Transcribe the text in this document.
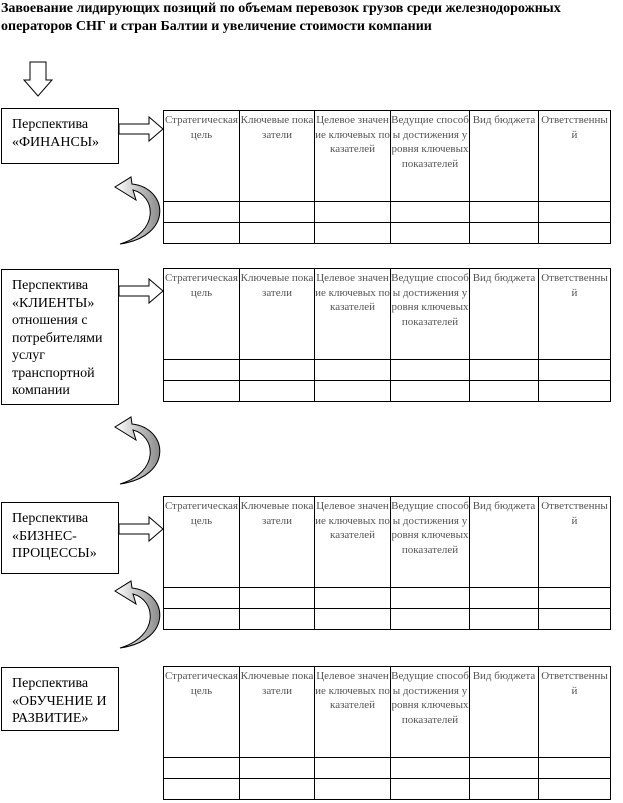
Завоевание лидирующих позиций по объемам перевозок грузов среди железнодорожных операторов СНГ и стран Балтии и увеличение стоимости компании
Перспектива «ФИНАНСЫ»
Перспектива «КЛИЕНТЫ» отношения с потребителями услуг транспортной компании
Перспектива «БИЗНЕС-ПРОЦЕССЫ»
Перспектива «ОБУЧЕНИЕ И РАЗВИТИЕ»
Стратегическая цель	Ключевые показатели	Целевое значение ключевых показателей	Ведущие способы достижения уровня ключевых показателей	Вид бюджета	Ответственный

Стратегическая цель	Ключевые показатели	Целевое значение ключевых показателей	Ведущие способы достижения уровня ключевых показателей	Вид бюджета	Ответственный

Стратегическая цель	Ключевые показатели	Целевое значение ключевых показателей	Ведущие способы достижения уровня ключевых показателей	Вид бюджета	Ответственный

Стратегическая цель	Ключевые показатели	Целевое значение ключевых показателей	Ведущие способы достижения уровня ключевых показателей	Вид бюджета	Ответственный
